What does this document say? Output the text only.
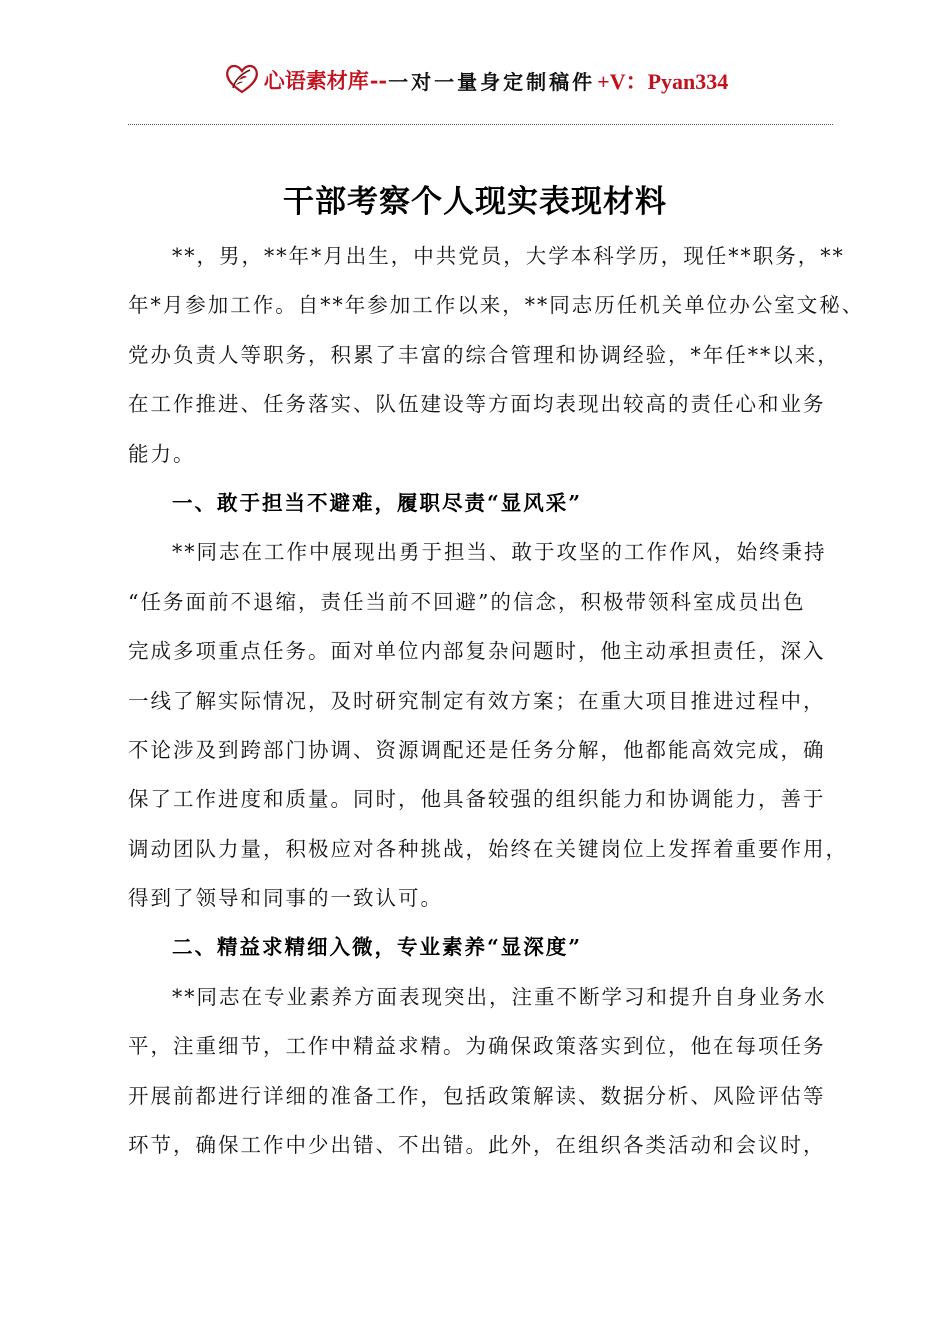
心语素材库 -- 一对一量身定制稿件 +V：Pyan334
干部考察个人现实表现材料
**，男，**年*月出生，中共党员，大学本科学历，现任**职务，**
年*月参加工作。自**年参加工作以来，**同志历任机关单位办公室文秘、
党办负责人等职务，积累了丰富的综合管理和协调经验，*年任**以来，
在工作推进、任务落实、队伍建设等方面均表现出较高的责任心和业务
能力。
一、敢于担当不避难，履职尽责“显风采”
**同志在工作中展现出勇于担当、敢于攻坚的工作作风，始终秉持
“任务面前不退缩，责任当前不回避”的信念，积极带领科室成员出色
完成多项重点任务。面对单位内部复杂问题时，他主动承担责任，深入
一线了解实际情况，及时研究制定有效方案；在重大项目推进过程中，
不论涉及到跨部门协调、资源调配还是任务分解，他都能高效完成，确
保了工作进度和质量。同时，他具备较强的组织能力和协调能力，善于
调动团队力量，积极应对各种挑战，始终在关键岗位上发挥着重要作用，
得到了领导和同事的一致认可。
二、精益求精细入微，专业素养“显深度”
**同志在专业素养方面表现突出，注重不断学习和提升自身业务水
平，注重细节，工作中精益求精。为确保政策落实到位，他在每项任务
开展前都进行详细的准备工作，包括政策解读、数据分析、风险评估等
环节，确保工作中少出错、不出错。此外，在组织各类活动和会议时，
